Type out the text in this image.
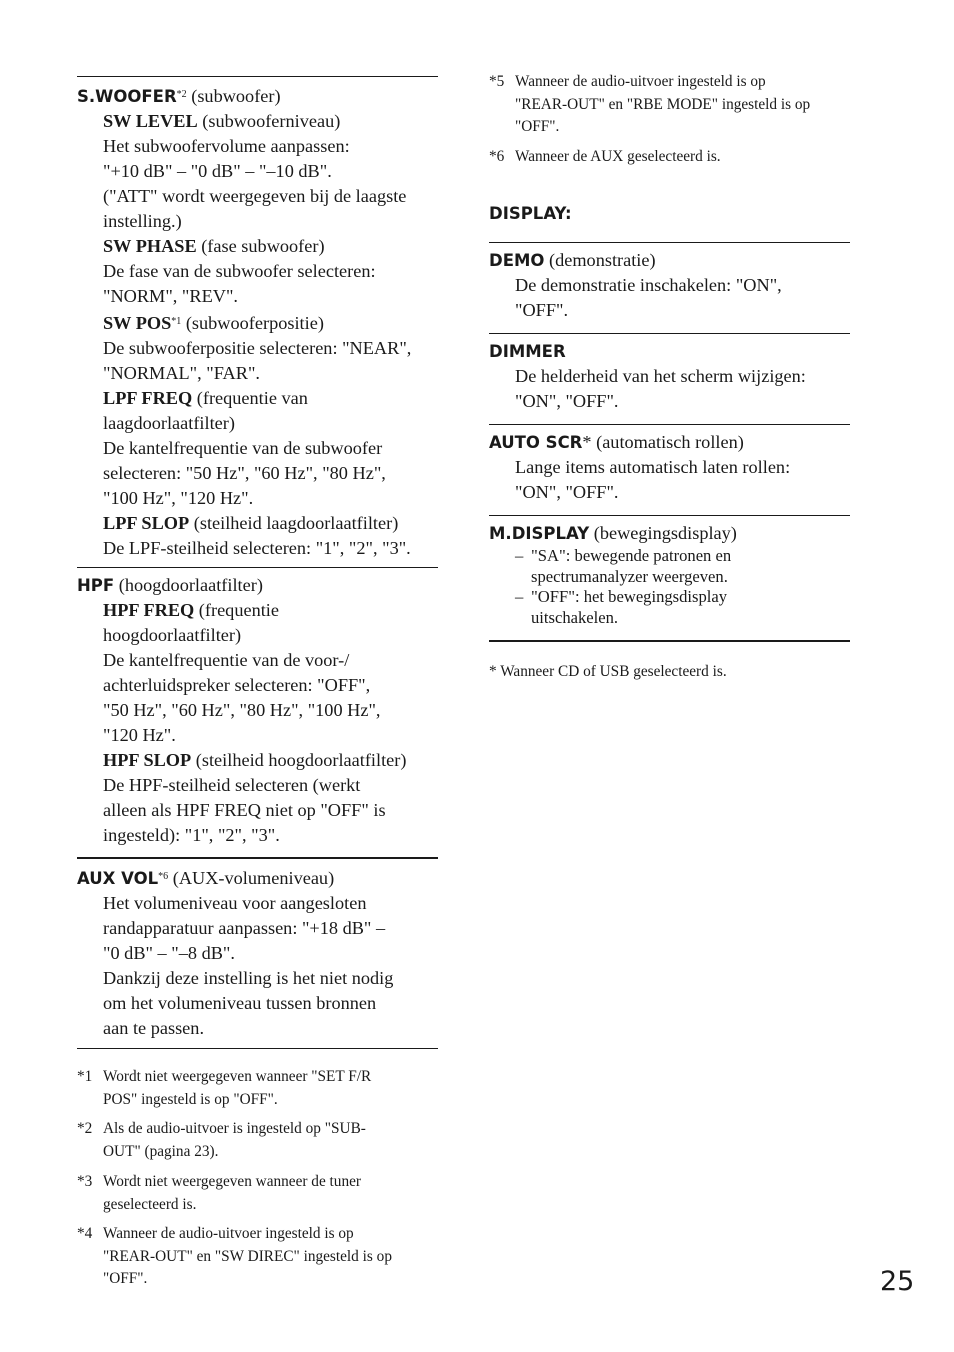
S.WOOFER$^{*2}$ (subwoofer)
SW LEVEL (subwooferniveau)
Het subwoofervolume aanpassen:
"+10 dB" – "0 dB" – "–10 dB".
("ATT" wordt weergegeven bij de laagste
instelling.)
SW PHASE (fase subwoofer)
De fase van de subwoofer selecteren:
"NORM", "REV".
SW POS$^{*1}$ (subwooferpositie)
De subwooferpositie selecteren: "NEAR",
"NORMAL", "FAR".
LPF FREQ (frequentie van
laagdoorlaatfilter)
De kantelfrequentie van de subwoofer
selecteren: "50 Hz", "60 Hz", "80 Hz",
"100 Hz", "120 Hz".
LPF SLOP (steilheid laagdoorlaatfilter)
De LPF-steilheid selecteren: "1", "2", "3".
HPF (hoogdoorlaatfilter)
HPF FREQ (frequentie
hoogdoorlaatfilter)
De kantelfrequentie van de voor-/
achterluidspreker selecteren: "OFF",
"50 Hz", "60 Hz", "80 Hz", "100 Hz",
"120 Hz".
HPF SLOP (steilheid hoogdoorlaatfilter)
De HPF-steilheid selecteren (werkt
alleen als HPF FREQ niet op "OFF" is
ingesteld): "1", "2", "3".
AUX VOL$^{*6}$ (AUX-volumeniveau)
Het volumeniveau voor aangesloten
randapparatuur aanpassen: "+18 dB" –
"0 dB" – "–8 dB".
Dankzij deze instelling is het niet nodig
om het volumeniveau tussen bronnen
aan te passen.
*1 Wordt niet weergegeven wanneer "SET F/R
POS" ingesteld is op "OFF".
*2 Als de audio-uitvoer is ingesteld op "SUB-
OUT" (pagina 23).
*3 Wordt niet weergegeven wanneer de tuner
geselecteerd is.
*4 Wanneer de audio-uitvoer ingesteld is op
"REAR-OUT" en "SW DIREC" ingesteld is op
"OFF".
*5 Wanneer de audio-uitvoer ingesteld is op
"REAR-OUT" en "RBE MODE" ingesteld is op
"OFF".
*6 Wanneer de AUX geselecteerd is.
DISPLAY:
DEMO (demonstratie)
De demonstratie inschakelen: "ON",
"OFF".
DIMMER
De helderheid van het scherm wijzigen:
"ON", "OFF".
AUTO SCR* (automatisch rollen)
Lange items automatisch laten rollen:
"ON", "OFF".
M.DISPLAY (bewegingsdisplay)
– "SA": bewegende patronen en
spectrumanalyzer weergeven.
– "OFF": het bewegingsdisplay
uitschakelen.
* Wanneer CD of USB geselecteerd is.
25
